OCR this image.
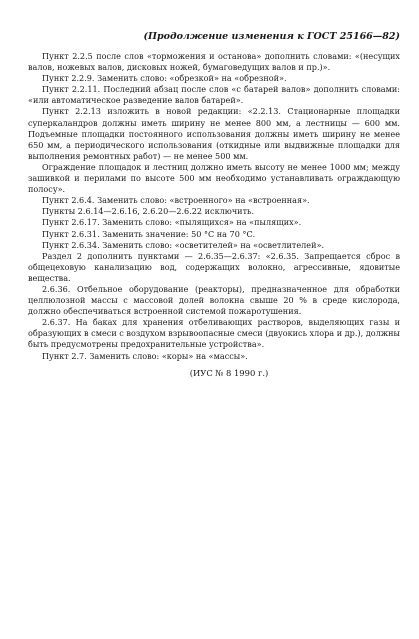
(Продолжение изменения к ГОСТ 25166—82)

Пункт 2.2.5 после слов «торможения и останова» дополнить словами: «(несущих валов, ножевых валов, дисковых ножей, бумаговедущих валов и пр.)».

Пункт 2.2.9. Заменить слово: «обрезкой» на «обрезной».

Пункт 2.2.11. Последний абзац после слов «с батарей валов» дополнить словами: «или автоматическое разведение валов батарей».

Пункт 2.2.13 изложить в новой редакции: «2.2.13. Стационарные площадки суперкаландров должны иметь ширину не менее 800 мм, а лестницы — 600 мм. Подъемные площадки постоянного использования должны иметь ширину не менее 650 мм, а периодического использования (откидные или выдвижные площадки для выполнения ремонтных работ) — не менее 500 мм.

Ограждение площадок и лестниц должно иметь высоту не менее 1000 мм; между зашивкой и перилами по высоте 500 мм необходимо устанавливать ограждающую полосу».

Пункт 2.6.4. Заменить слово: «встроенного» на «встроенная».

Пункты 2.6.14—2.6.16, 2.6.20—2.6.22 исключить.

Пункт 2.6.17. Заменить слово: «пылящихся» на «пылящих».

Пункт 2.6.31. Заменить значение: 50 °С на 70 °С.

Пункт 2.6.34. Заменить слово: «осветителей» на «осветлителей».

Раздел 2 дополнить пунктами — 2.6.35—2.6.37: «2.6.35. Запрещается сброс в общецеховую канализацию вод, содержащих волокно, агрессивные, ядовитые вещества.

2.6.36. Отбельное оборудование (реакторы), предназначенное для обработки целлюлозной массы с массовой долей волокна свыше 20 % в среде кислорода, должно обеспечиваться встроенной системой пожаротушения.

2.6.37. На баках для хранения отбеливающих растворов, выделяющих газы и образующих в смеси с воздухом взрывоопасные смеси (двуокись хлора и др.), должны быть предусмотрены предохранительные устройства».

Пункт 2.7. Заменить слово: «коры» на «массы».

(ИУС № 8 1990 г.)
